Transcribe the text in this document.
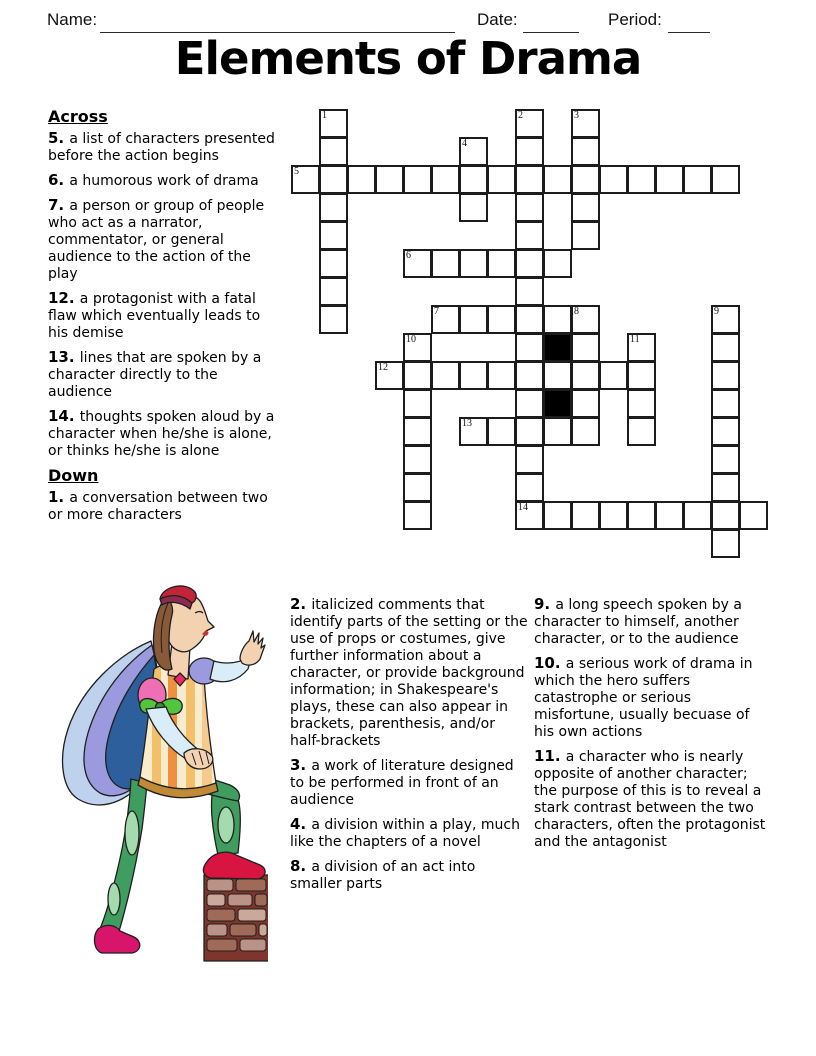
Name:	Date:	Period:
Elements of Drama

Across

5. a list of characters presented before the action begins

6. a humorous work of drama

7. a person or group of people who act as a narrator, commentator, or general audience to the action of the play

12. a protagonist with a fatal flaw which eventually leads to his demise

13. lines that are spoken by a character directly to the audience

14. thoughts spoken aloud by a character when he/she is alone, or thinks he/she is alone

Down

1. a conversation between two or more characters

1	2	3
4
5
6
7	8	9
10	11
12
13
14

2. italicized comments that identify parts of the setting or the use of props or costumes, give further information about a character, or provide background information; in Shakespeare's plays, these can also appear in brackets, parenthesis, and/or half-brackets

3. a work of literature designed to be performed in front of an audience

4. a division within a play, much like the chapters of a novel

8. a division of an act into smaller parts

9. a long speech spoken by a character to himself, another character, or to the audience

10. a serious work of drama in which the hero suffers catastrophe or serious misfortune, usually becuase of his own actions

11. a character who is nearly opposite of another character; the purpose of this is to reveal a stark contrast between the two characters, often the protagonist and the antagonist
